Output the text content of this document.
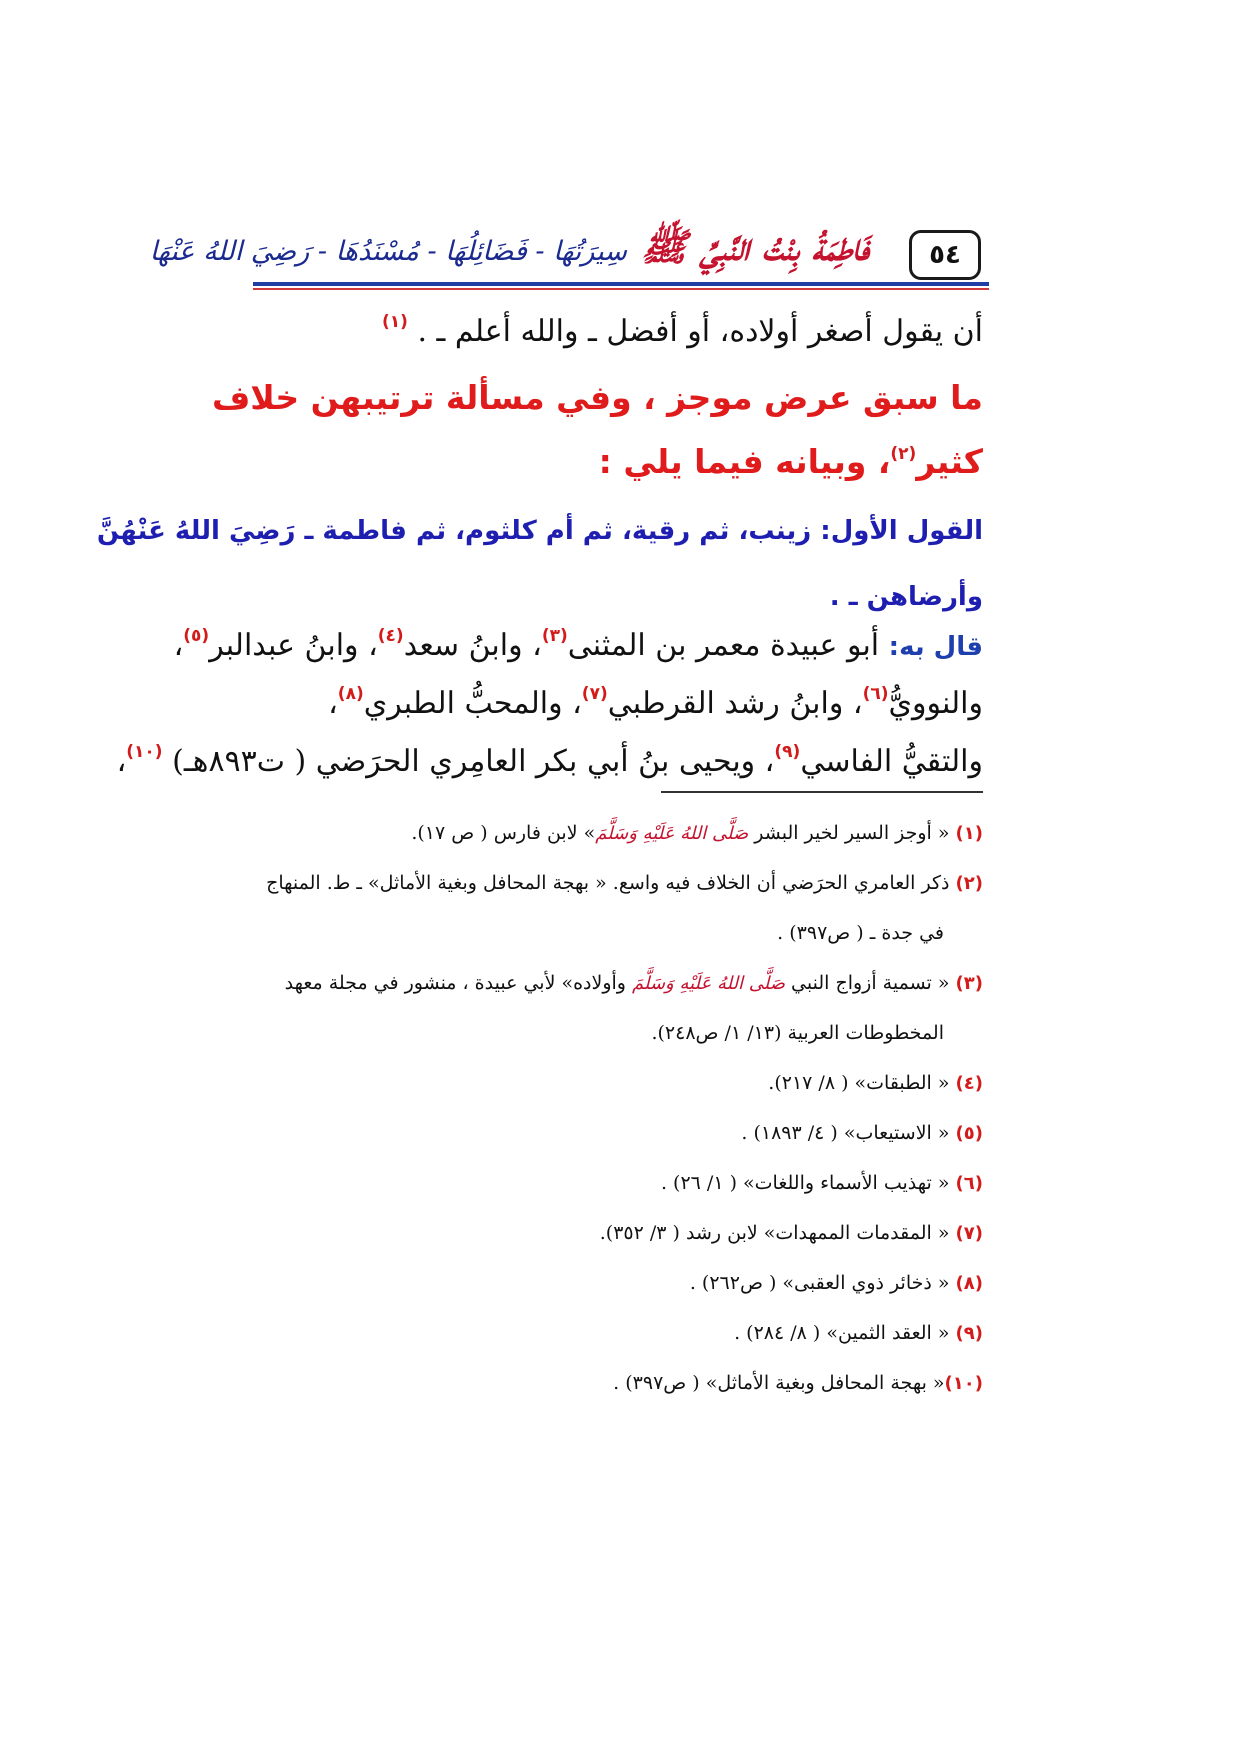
٥٤
فَاطِمَةُ بِنْتُ النَّبِيِّ ﷺ
سِيرَتُهَا - فَضَائِلُهَا - مُسْنَدُهَا - رَضِيَ اللهُ عَنْهَا
أن يقول أصغر أولاده، أو أفضل ـ والله أعلم ـ . $^{(١)}$
ما سبق عرض موجز ، وفي مسألة ترتيبهن خلاف
كثير$^{(٢)}$، وبيانه فيما يلي :
القول الأول: زينب، ثم رقية، ثم أم كلثوم، ثم فاطمة ـ رَضِيَ اللهُ عَنْهُنَّ
وأرضاهن ـ .
قال به: أبو عبيدة معمر بن المثنى$^{(٣)}$، وابنُ سعد$^{(٤)}$، وابنُ عبدالبر$^{(٥)}$،
والنوويُّ$^{(٦)}$، وابنُ رشد القرطبي$^{(٧)}$، والمحبُّ الطبري$^{(٨)}$،
والتقيُّ الفاسي$^{(٩)}$، ويحيى بنُ أبي بكر العامِري الحرَضي ( ت٨٩٣هـ) $^{(١٠)}$،
(١) « أوجز السير لخير البشر صَلَّى اللهُ عَلَيْهِ وَسَلَّمَ» لابن فارس ( ص ١٧).
(٢) ذكر العامري الحرَضي أن الخلاف فيه واسع. « بهجة المحافل وبغية الأماثل» ـ ط. المنهاج
في جدة ـ ( ص٣٩٧) .
(٣) « تسمية أزواج النبي صَلَّى اللهُ عَلَيْهِ وَسَلَّمَ وأولاده» لأبي عبيدة ، منشور في مجلة معهد
المخطوطات العربية (١٣/ ١/ ص٢٤٨).
(٤) « الطبقات» ( ٨/ ٢١٧).
(٥) « الاستيعاب» ( ٤/ ١٨٩٣) .
(٦) « تهذيب الأسماء واللغات» ( ١/ ٢٦) .
(٧) « المقدمات الممهدات» لابن رشد ( ٣/ ٣٥٢).
(٨) « ذخائر ذوي العقبى» ( ص٢٦٢) .
(٩) « العقد الثمين» ( ٨/ ٢٨٤) .
(١٠)« بهجة المحافل وبغية الأماثل» ( ص٣٩٧) .
